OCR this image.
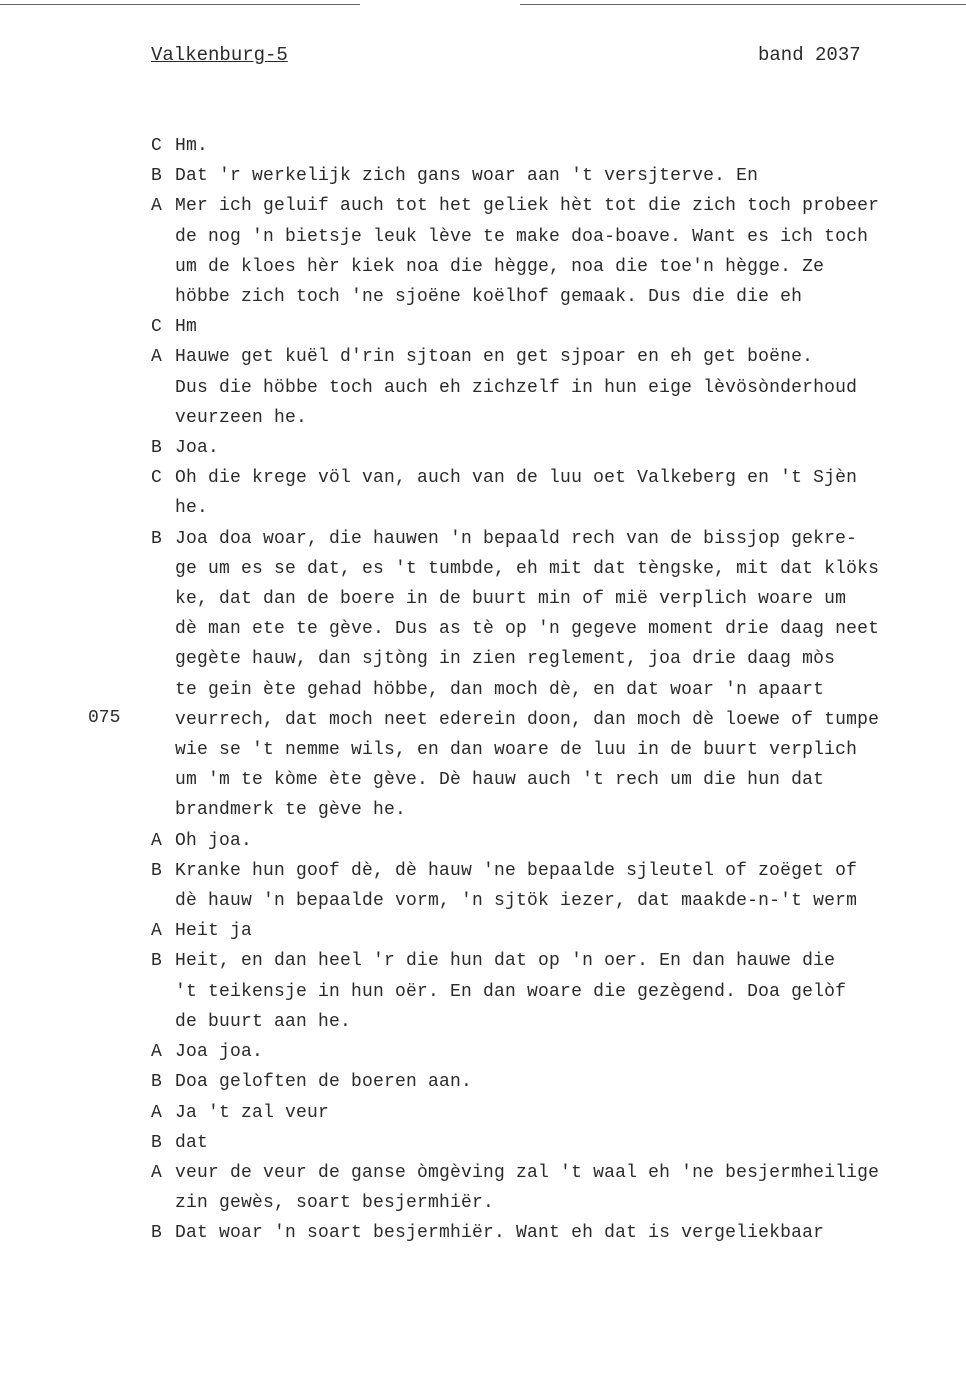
Valkenburg-5	band 2037
075
C Hm.
B Dat 'r werkelijk zich gans woar aan 't versjterve. En
A Mer ich geluif auch tot het geliek hèt tot die zich toch probeer
de nog 'n bietsje leuk lève te make doa-boave. Want es ich toch
um de kloes hèr kiek noa die hègge, noa die toe'n hègge. Ze
höbbe zich toch 'ne sjoëne koëlhof gemaak. Dus die die eh
C Hm
A Hauwe get kuël d'rin sjtoan en get sjpoar en eh get boëne.
Dus die höbbe toch auch eh zichzelf in hun eige lèvösònderhoud
veurzeen he.
B Joa.
C Oh die krege völ van, auch van de luu oet Valkeberg en 't Sjèn
he.
B Joa doa woar, die hauwen 'n bepaald rech van de bissjop gekre-
ge um es se dat, es 't tumbde, eh mit dat tèngske, mit dat klöks
ke, dat dan de boere in de buurt min of mië verplich woare um
dè man ete te gève. Dus as tè op 'n gegeve moment drie daag neet
gegète hauw, dan sjtòng in zien reglement, joa drie daag mòs
te gein ète gehad höbbe, dan moch dè, en dat woar 'n apaart
veurrech, dat moch neet ederein doon, dan moch dè loewe of tumpe
wie se 't nemme wils, en dan woare de luu in de buurt verplich
um 'm te kòme ète gève. Dè hauw auch 't rech um die hun dat
brandmerk te gève he.
A Oh joa.
B Kranke hun goof dè, dè hauw 'ne bepaalde sjleutel of zoëget of
dè hauw 'n bepaalde vorm, 'n sjtök iezer, dat maakde-n-'t werm
A Heit ja
B Heit, en dan heel 'r die hun dat op 'n oer. En dan hauwe die
't teikensje in hun oër. En dan woare die gezègend. Doa gelòf
de buurt aan he.
A Joa joa.
B Doa geloften de boeren aan.
A Ja 't zal veur
B dat
A veur de veur de ganse òmgèving zal 't waal eh 'ne besjermheilige
zin gewès, soart besjermhiër.
B Dat woar 'n soart besjermhiër. Want eh dat is vergeliekbaar
